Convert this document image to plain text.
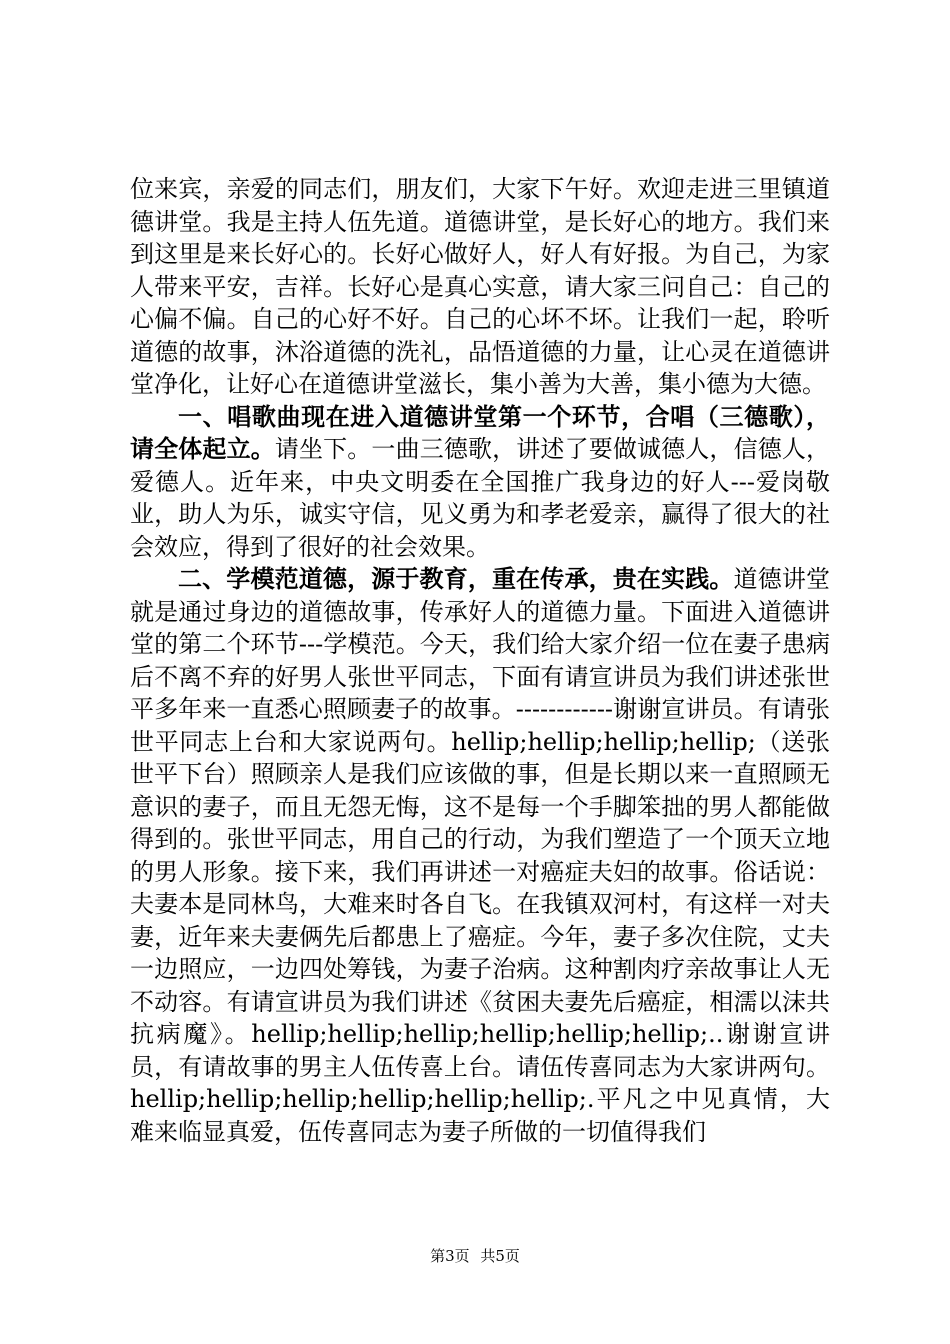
位来宾，亲爱的同志们，朋友们，大家下午好。欢迎走进三里镇道德讲堂。我是主持人伍先道。道德讲堂，是长好心的地方。我们来到这里是来长好心的。长好心做好人，好人有好报。为自己，为家人带来平安，吉祥。长好心是真心实意，请大家三问自己：自己的心偏不偏。自己的心好不好。自己的心坏不坏。让我们一起，聆听道德的故事，沐浴道德的洗礼，品悟道德的力量，让心灵在道德讲堂净化，让好心在道德讲堂滋长，集小善为大善，集小德为大德。

一、唱歌曲现在进入道德讲堂第一个环节，合唱（三德歌），请全体起立。请坐下。一曲三德歌，讲述了要做诚德人，信德人，爱德人。近年来，中央文明委在全国推广我身边的好人---爱岗敬业，助人为乐，诚实守信，见义勇为和孝老爱亲，赢得了很大的社会效应，得到了很好的社会效果。

二、学模范道德，源于教育，重在传承，贵在实践。道德讲堂就是通过身边的道德故事，传承好人的道德力量。下面进入道德讲堂的第二个环节---学模范。今天，我们给大家介绍一位在妻子患病后不离不弃的好男人张世平同志，下面有请宣讲员为我们讲述张世平多年来一直悉心照顾妻子的故事。------------谢谢宣讲员。有请张世平同志上台和大家说两句。hellip;hellip;hellip;hellip;（送张世平下台）照顾亲人是我们应该做的事，但是长期以来一直照顾无意识的妻子，而且无怨无悔，这不是每一个手脚笨拙的男人都能做得到的。张世平同志，用自己的行动，为我们塑造了一个顶天立地的男人形象。接下来，我们再讲述一对癌症夫妇的故事。俗话说：夫妻本是同林鸟，大难来时各自飞。在我镇双河村，有这样一对夫妻，近年来夫妻俩先后都患上了癌症。今年，妻子多次住院，丈夫一边照应，一边四处筹钱，为妻子治病。这种割肉疗亲故事让人无不动容。有请宣讲员为我们讲述《贫困夫妻先后癌症，相濡以沫共抗病魔》。hellip;hellip;hellip;hellip;hellip;hellip;..谢谢宣讲员，有请故事的男主人伍传喜上台。请伍传喜同志为大家讲两句。hellip;hellip;hellip;hellip;hellip;hellip;.平凡之中见真情，大难来临显真爱，伍传喜同志为妻子所做的一切值得我们

第3页 共5页
